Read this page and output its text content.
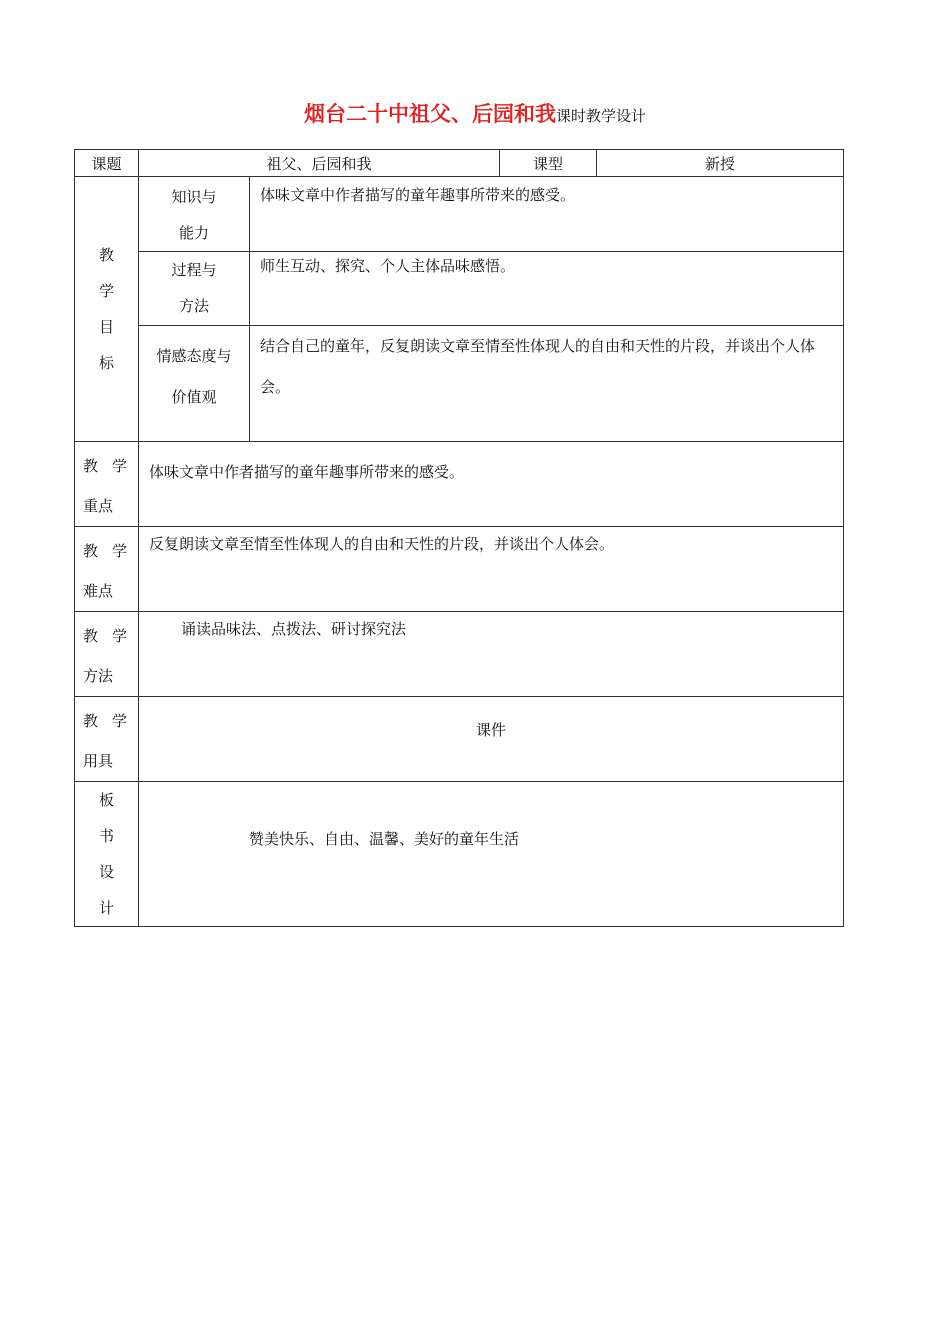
烟台二十中祖父、后园和我课时教学设计
课题	祖父、后园和我		课型	新授

教
学
目
标	知识与
能力	体味文章中作者描写的童年趣事所带来的感受。		

	过程与
方法	师生互动、探究、个人主体品味感悟。		

	情感态度与
价值观	结合自己的童年，反复朗读文章至情至性体现人的自由和天性的片段，并谈出个人体会。		

教学
重点	体味文章中作者描写的童年趣事所带来的感受。			

教学
难点	反复朗读文章至情至性体现人的自由和天性的片段，并谈出个人体会。			

教学
方法	诵读品味法、点拨法、研讨探究法			

教学
用具	课件			

板
书
设
计	赞美快乐、自由、温馨、美好的童年生活			
